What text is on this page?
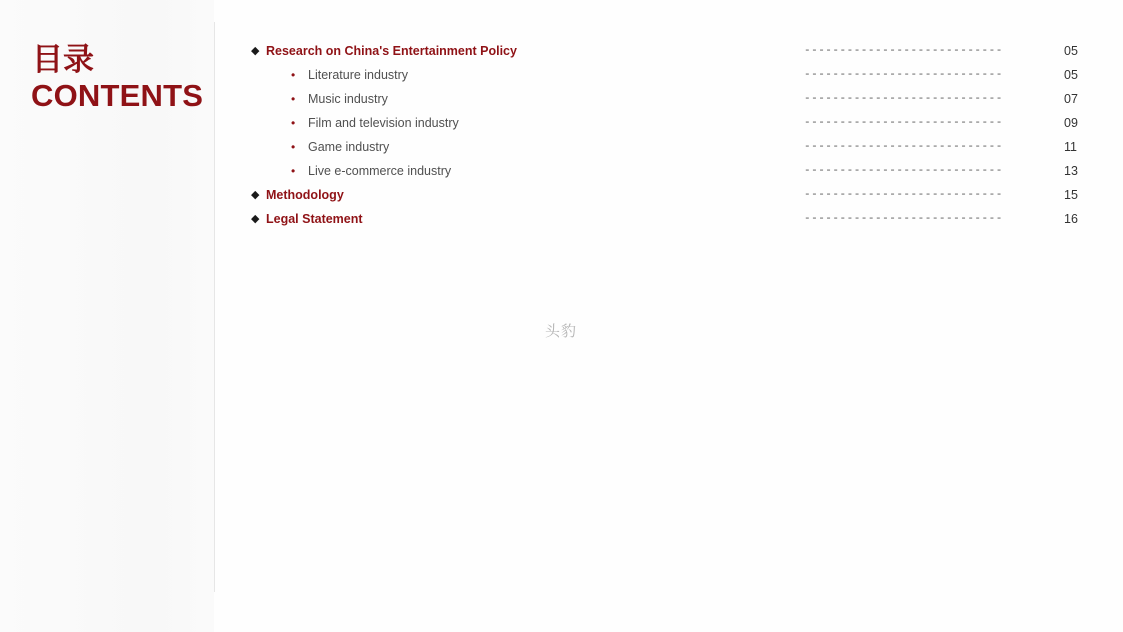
目录
CONTENTS
◆ Research on China's Entertainment Policy	----------------------------	05
• Literature industry	----------------------------	05
• Music industry	----------------------------	07
• Film and television industry	----------------------------	09
• Game industry	----------------------------	11
• Live e-commerce industry	----------------------------	13
◆ Methodology	----------------------------	15
◆ Legal Statement	----------------------------	16
头豹
